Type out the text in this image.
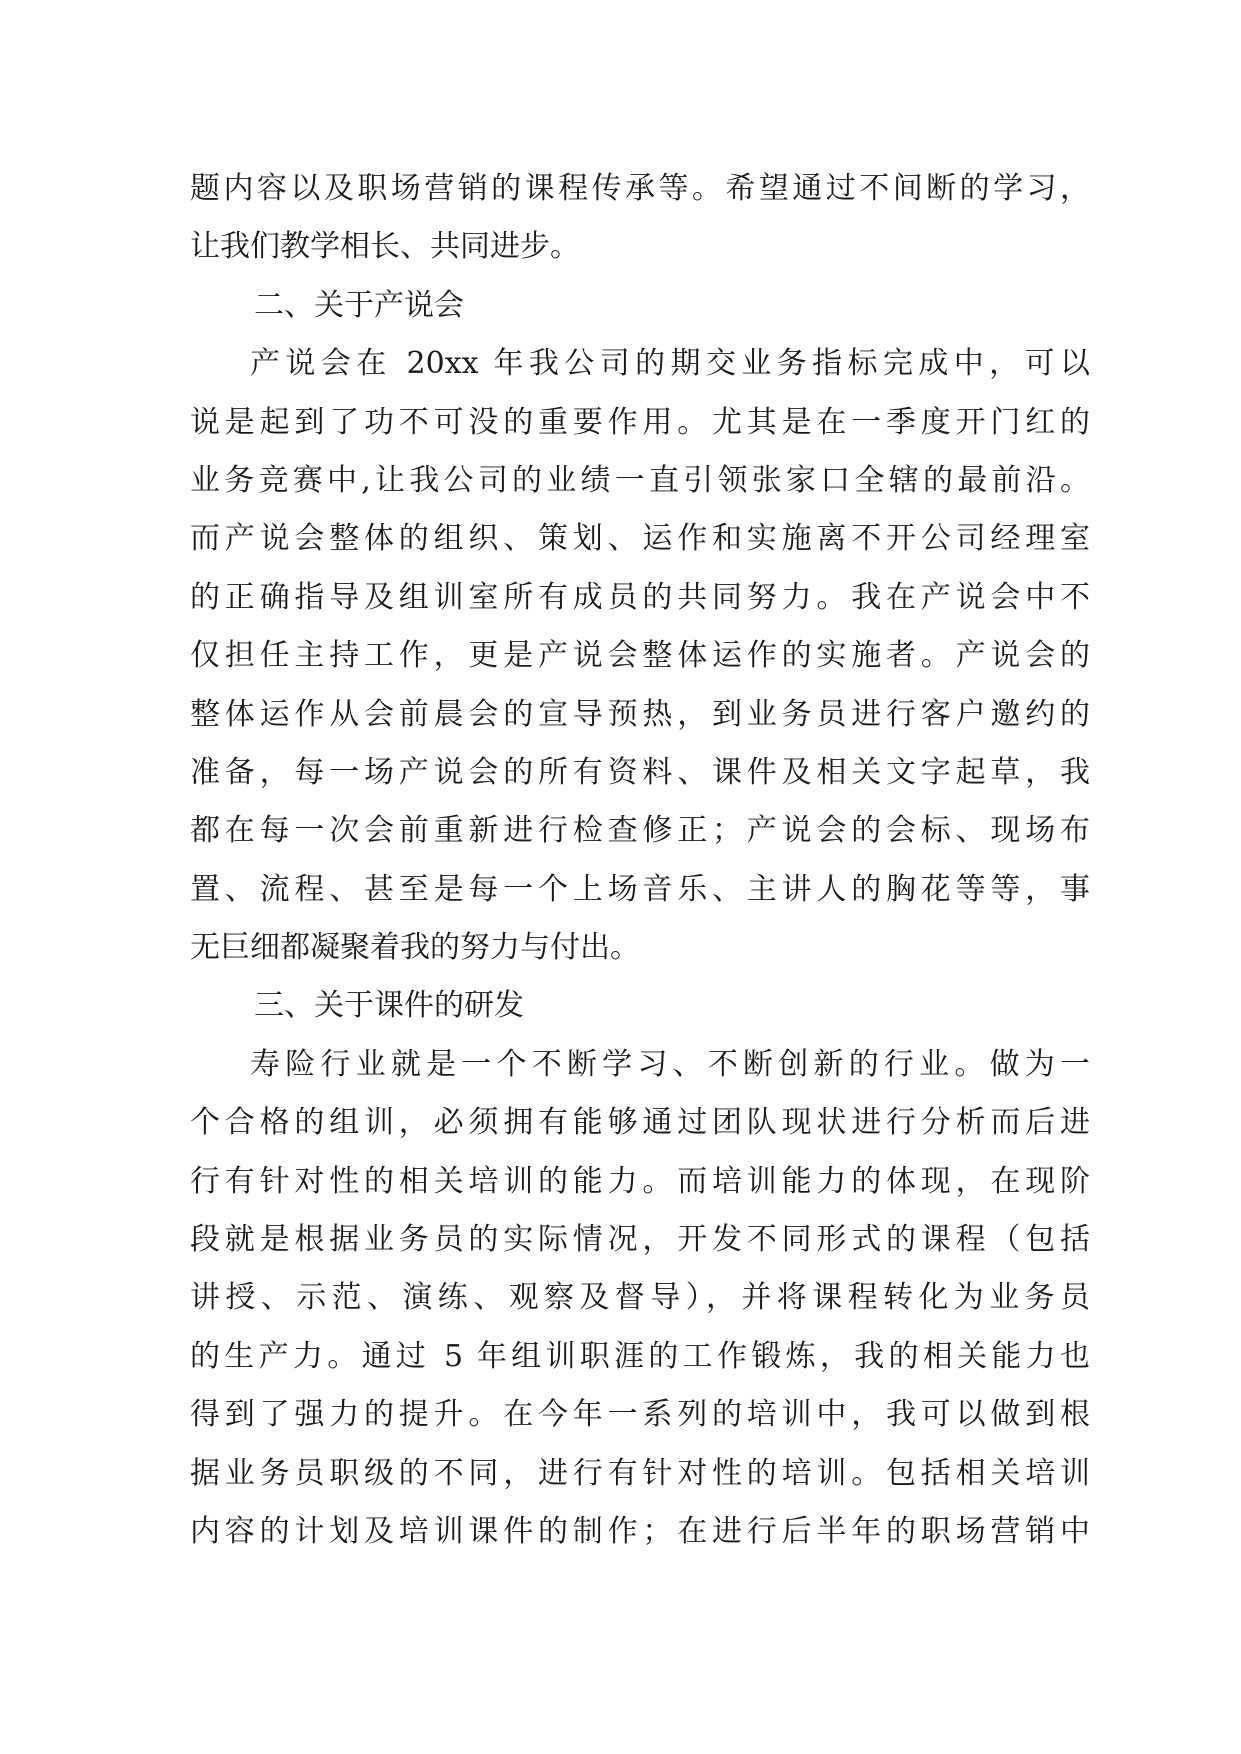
题内容以及职场营销的课程传承等。希望通过不间断的学习，
让我们教学相长、共同进步。
二、关于产说会
产说会在 20xx 年我公司的期交业务指标完成中，可以
说是起到了功不可没的重要作用。尤其是在一季度开门红的
业务竞赛中,让我公司的业绩一直引领张家口全辖的最前沿。
而产说会整体的组织、策划、运作和实施离不开公司经理室
的正确指导及组训室所有成员的共同努力。我在产说会中不
仅担任主持工作，更是产说会整体运作的实施者。产说会的
整体运作从会前晨会的宣导预热，到业务员进行客户邀约的
准备，每一场产说会的所有资料、课件及相关文字起草，我
都在每一次会前重新进行检查修正；产说会的会标、现场布
置、流程、甚至是每一个上场音乐、主讲人的胸花等等，事
无巨细都凝聚着我的努力与付出。
三、关于课件的研发
寿险行业就是一个不断学习、不断创新的行业。做为一
个合格的组训，必须拥有能够通过团队现状进行分析而后进
行有针对性的相关培训的能力。而培训能力的体现，在现阶
段就是根据业务员的实际情况，开发不同形式的课程（包括
讲授、示范、演练、观察及督导），并将课程转化为业务员
的生产力。通过 5 年组训职涯的工作锻炼，我的相关能力也
得到了强力的提升。在今年一系列的培训中，我可以做到根
据业务员职级的不同，进行有针对性的培训。包括相关培训
内容的计划及培训课件的制作；在进行后半年的职场营销中
